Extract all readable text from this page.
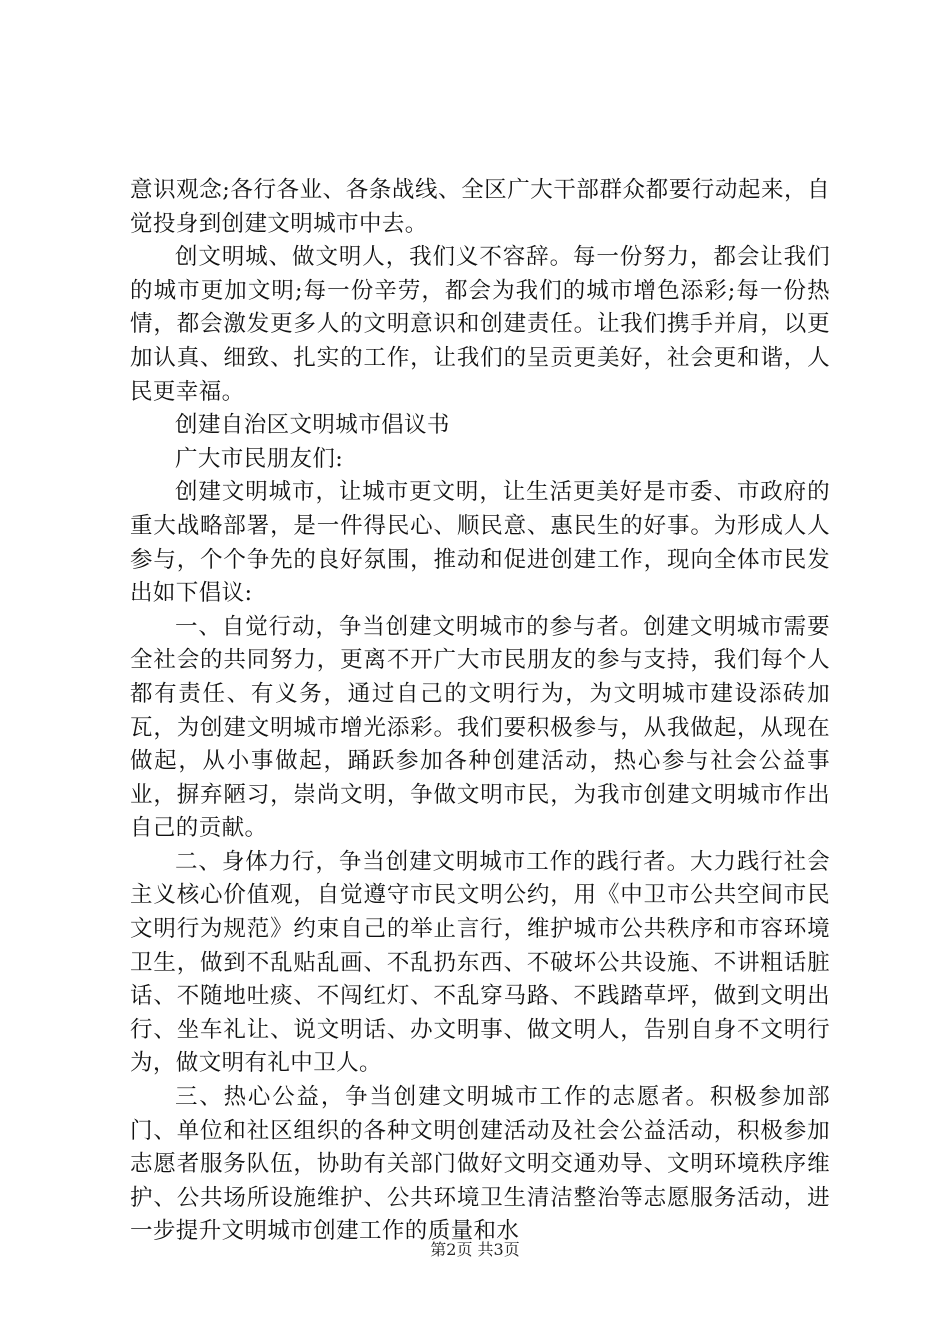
意识观念;各行各业、各条战线、全区广大干部群众都要行动起来，自觉投身到创建文明城市中去。

创文明城、做文明人，我们义不容辞。每一份努力，都会让我们的城市更加文明;每一份辛劳，都会为我们的城市增色添彩;每一份热情，都会激发更多人的文明意识和创建责任。让我们携手并肩，以更加认真、细致、扎实的工作，让我们的呈贡更美好，社会更和谐，人民更幸福。

创建自治区文明城市倡议书

广大市民朋友们:

创建文明城市，让城市更文明，让生活更美好是市委、市政府的重大战略部署，是一件得民心、顺民意、惠民生的好事。为形成人人参与，个个争先的良好氛围，推动和促进创建工作，现向全体市民发出如下倡议:

一、自觉行动，争当创建文明城市的参与者。创建文明城市需要全社会的共同努力，更离不开广大市民朋友的参与支持，我们每个人都有责任、有义务，通过自己的文明行为，为文明城市建设添砖加瓦，为创建文明城市增光添彩。我们要积极参与，从我做起，从现在做起，从小事做起，踊跃参加各种创建活动，热心参与社会公益事业，摒弃陋习，崇尚文明，争做文明市民，为我市创建文明城市作出自己的贡献。

二、身体力行，争当创建文明城市工作的践行者。大力践行社会主义核心价值观，自觉遵守市民文明公约，用《中卫市公共空间市民文明行为规范》约束自己的举止言行，维护城市公共秩序和市容环境卫生，做到不乱贴乱画、不乱扔东西、不破坏公共设施、不讲粗话脏话、不随地吐痰、不闯红灯、不乱穿马路、不践踏草坪，做到文明出行、坐车礼让、说文明话、办文明事、做文明人，告别自身不文明行为，做文明有礼中卫人。

三、热心公益，争当创建文明城市工作的志愿者。积极参加部门、单位和社区组织的各种文明创建活动及社会公益活动，积极参加志愿者服务队伍，协助有关部门做好文明交通劝导、文明环境秩序维护、公共场所设施维护、公共环境卫生清洁整治等志愿服务活动，进一步提升文明城市创建工作的质量和水

第2页 共3页
